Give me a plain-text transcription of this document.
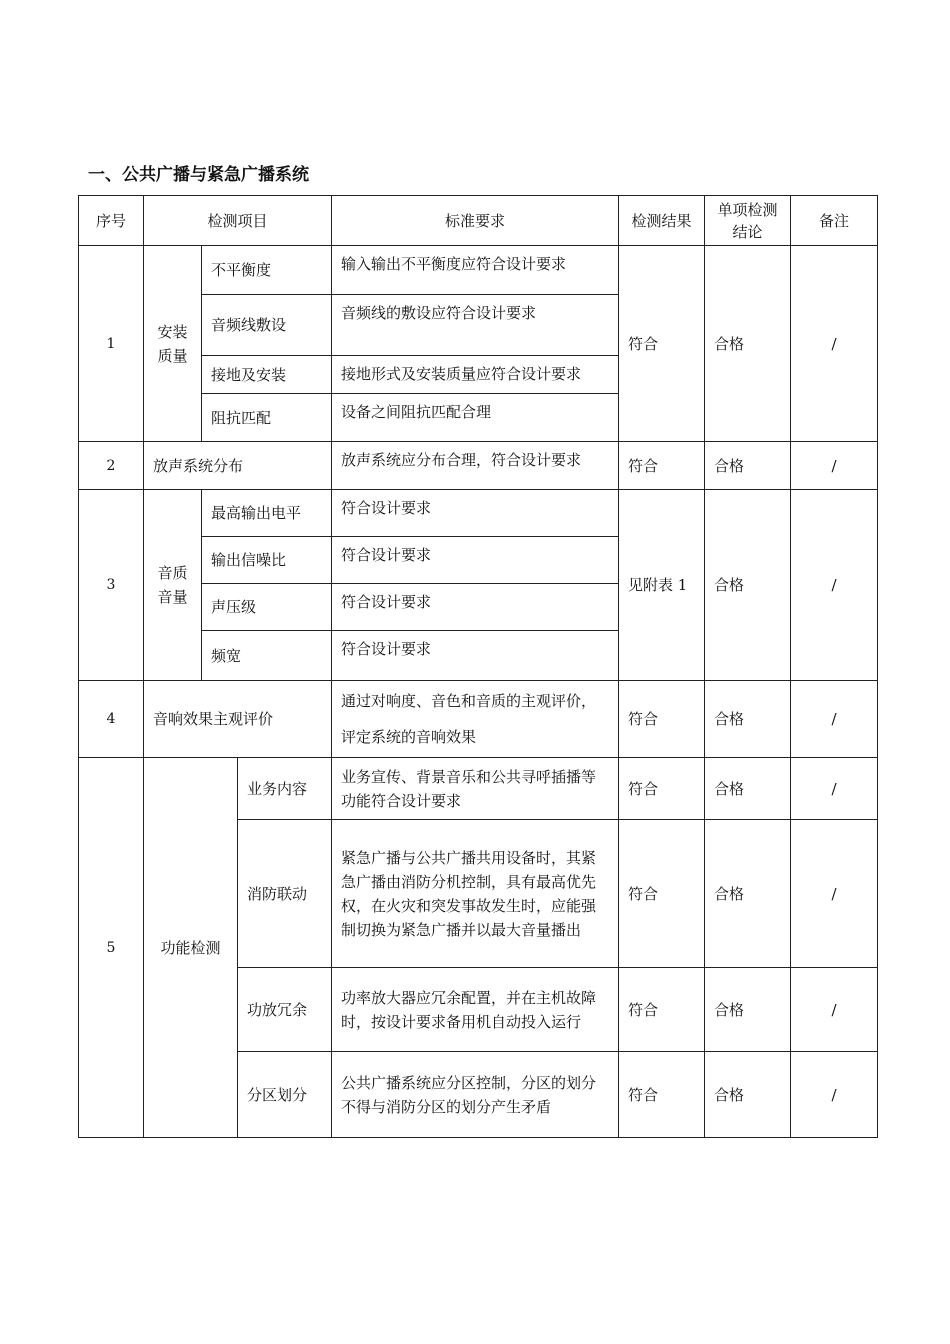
一、公共广播与紧急广播系统
序号	检测项目			标准要求	检测结果	单项检测结论	备注
1	安装质量	不平衡度		输入输出不平衡度应符合设计要求	符合	合格	/
		音频线敷设		音频线的敷设应符合设计要求			
		接地及安装		接地形式及安装质量应符合设计要求			
		阻抗匹配		设备之间阻抗匹配合理			
2	放声系统分布			放声系统应分布合理，符合设计要求	符合	合格	/
3	音质音量	最高输出电平		符合设计要求	见附表 1	合格	/
		输出信噪比		符合设计要求			
		声压级		符合设计要求			
		频宽		符合设计要求			
4	音响效果主观评价			通过对响度、音色和音质的主观评价，评定系统的音响效果	符合	合格	/
5	功能检测		业务内容	业务宣传、背景音乐和公共寻呼插播等功能符合设计要求	符合	合格	/
			消防联动	紧急广播与公共广播共用设备时，其紧急广播由消防分机控制，具有最高优先权，在火灾和突发事故发生时，应能强制切换为紧急广播并以最大音量播出	符合	合格	/
			功放冗余	功率放大器应冗余配置，并在主机故障时，按设计要求备用机自动投入运行	符合	合格	/
			分区划分	公共广播系统应分区控制，分区的划分不得与消防分区的划分产生矛盾	符合	合格	/
